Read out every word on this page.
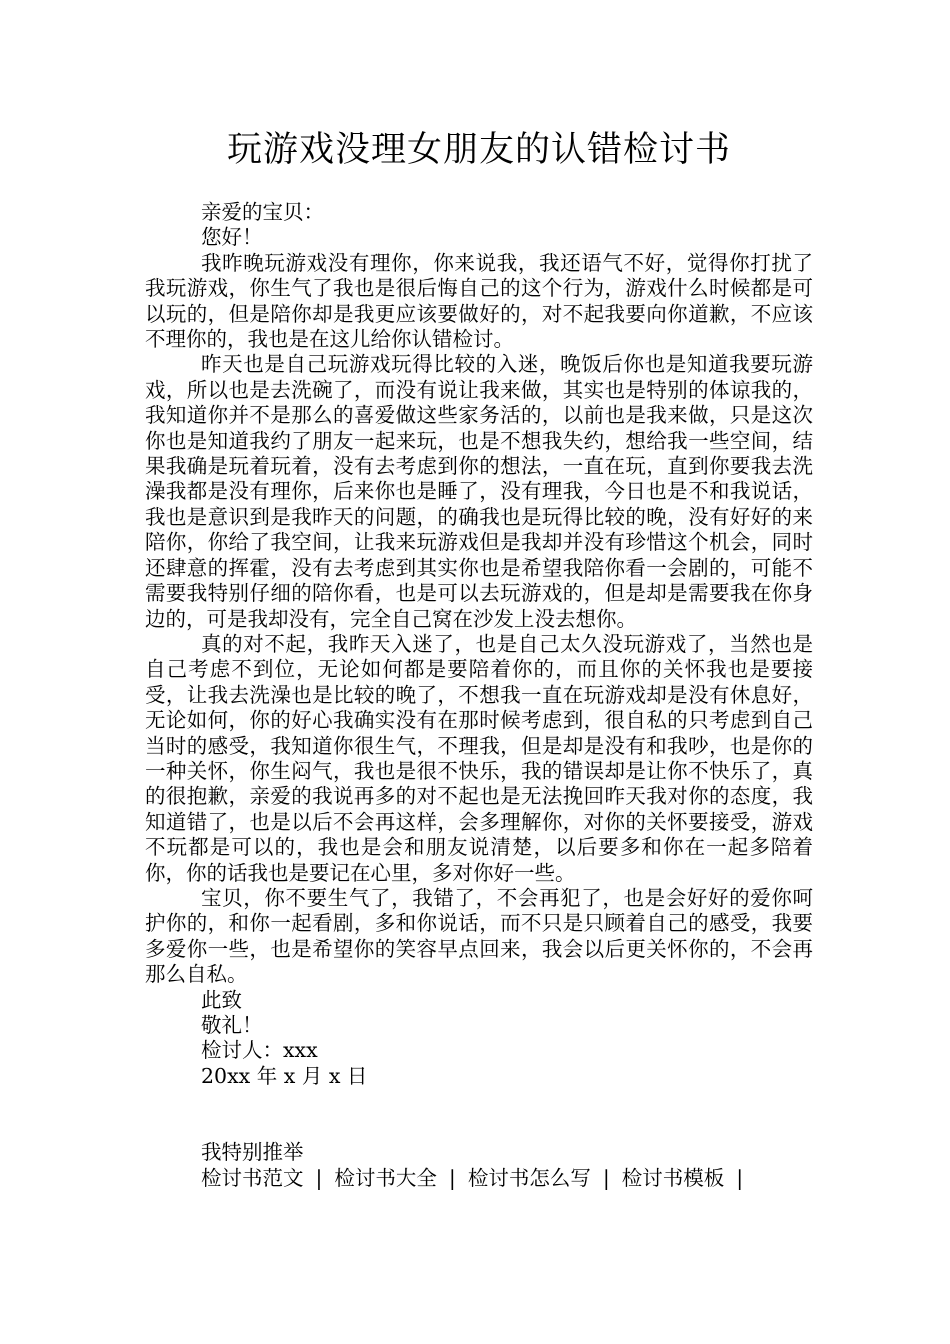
玩游戏没理女朋友的认错检讨书
亲爱的宝贝：
您好！

我昨晚玩游戏没有理你，你来说我，我还语气不好，觉得你打扰了我玩游戏，你生气了我也是很后悔自己的这个行为，游戏什么时候都是可以玩的，但是陪你却是我更应该要做好的，对不起我要向你道歉，不应该不理你的，我也是在这儿给你认错检讨。

昨天也是自己玩游戏玩得比较的入迷，晚饭后你也是知道我要玩游戏，所以也是去洗碗了，而没有说让我来做，其实也是特别的体谅我的，我知道你并不是那么的喜爱做这些家务活的，以前也是我来做，只是这次你也是知道我约了朋友一起来玩，也是不想我失约，想给我一些空间，结果我确是玩着玩着，没有去考虑到你的想法，一直在玩，直到你要我去洗澡我都是没有理你，后来你也是睡了，没有理我，今日也是不和我说话，我也是意识到是我昨天的问题，的确我也是玩得比较的晚，没有好好的来陪你，你给了我空间，让我来玩游戏但是我却并没有珍惜这个机会，同时还肆意的挥霍，没有去考虑到其实你也是希望我陪你看一会剧的，可能不需要我特别仔细的陪你看，也是可以去玩游戏的，但是却是需要我在你身边的，可是我却没有，完全自己窝在沙发上没去想你。

真的对不起，我昨天入迷了，也是自己太久没玩游戏了，当然也是自己考虑不到位，无论如何都是要陪着你的，而且你的关怀我也是要接受，让我去洗澡也是比较的晚了，不想我一直在玩游戏却是没有休息好，无论如何，你的好心我确实没有在那时候考虑到，很自私的只考虑到自己当时的感受，我知道你很生气，不理我，但是却是没有和我吵，也是你的一种关怀，你生闷气，我也是很不快乐，我的错误却是让你不快乐了，真的很抱歉，亲爱的我说再多的对不起也是无法挽回昨天我对你的态度，我知道错了，也是以后不会再这样，会多理解你，对你的关怀要接受，游戏不玩都是可以的，我也是会和朋友说清楚，以后要多和你在一起多陪着你，你的话我也是要记在心里，多对你好一些。

宝贝，你不要生气了，我错了，不会再犯了，也是会好好的爱你呵护你的，和你一起看剧，多和你说话，而不只是只顾着自己的感受，我要多爱你一些，也是希望你的笑容早点回来，我会以后更关怀你的，不会再那么自私。

此致
敬礼！
检讨人：xxx
20xx 年 x 月 x 日
我特别推举
检讨书范文 | 检讨书大全 | 检讨书怎么写 | 检讨书模板 |
